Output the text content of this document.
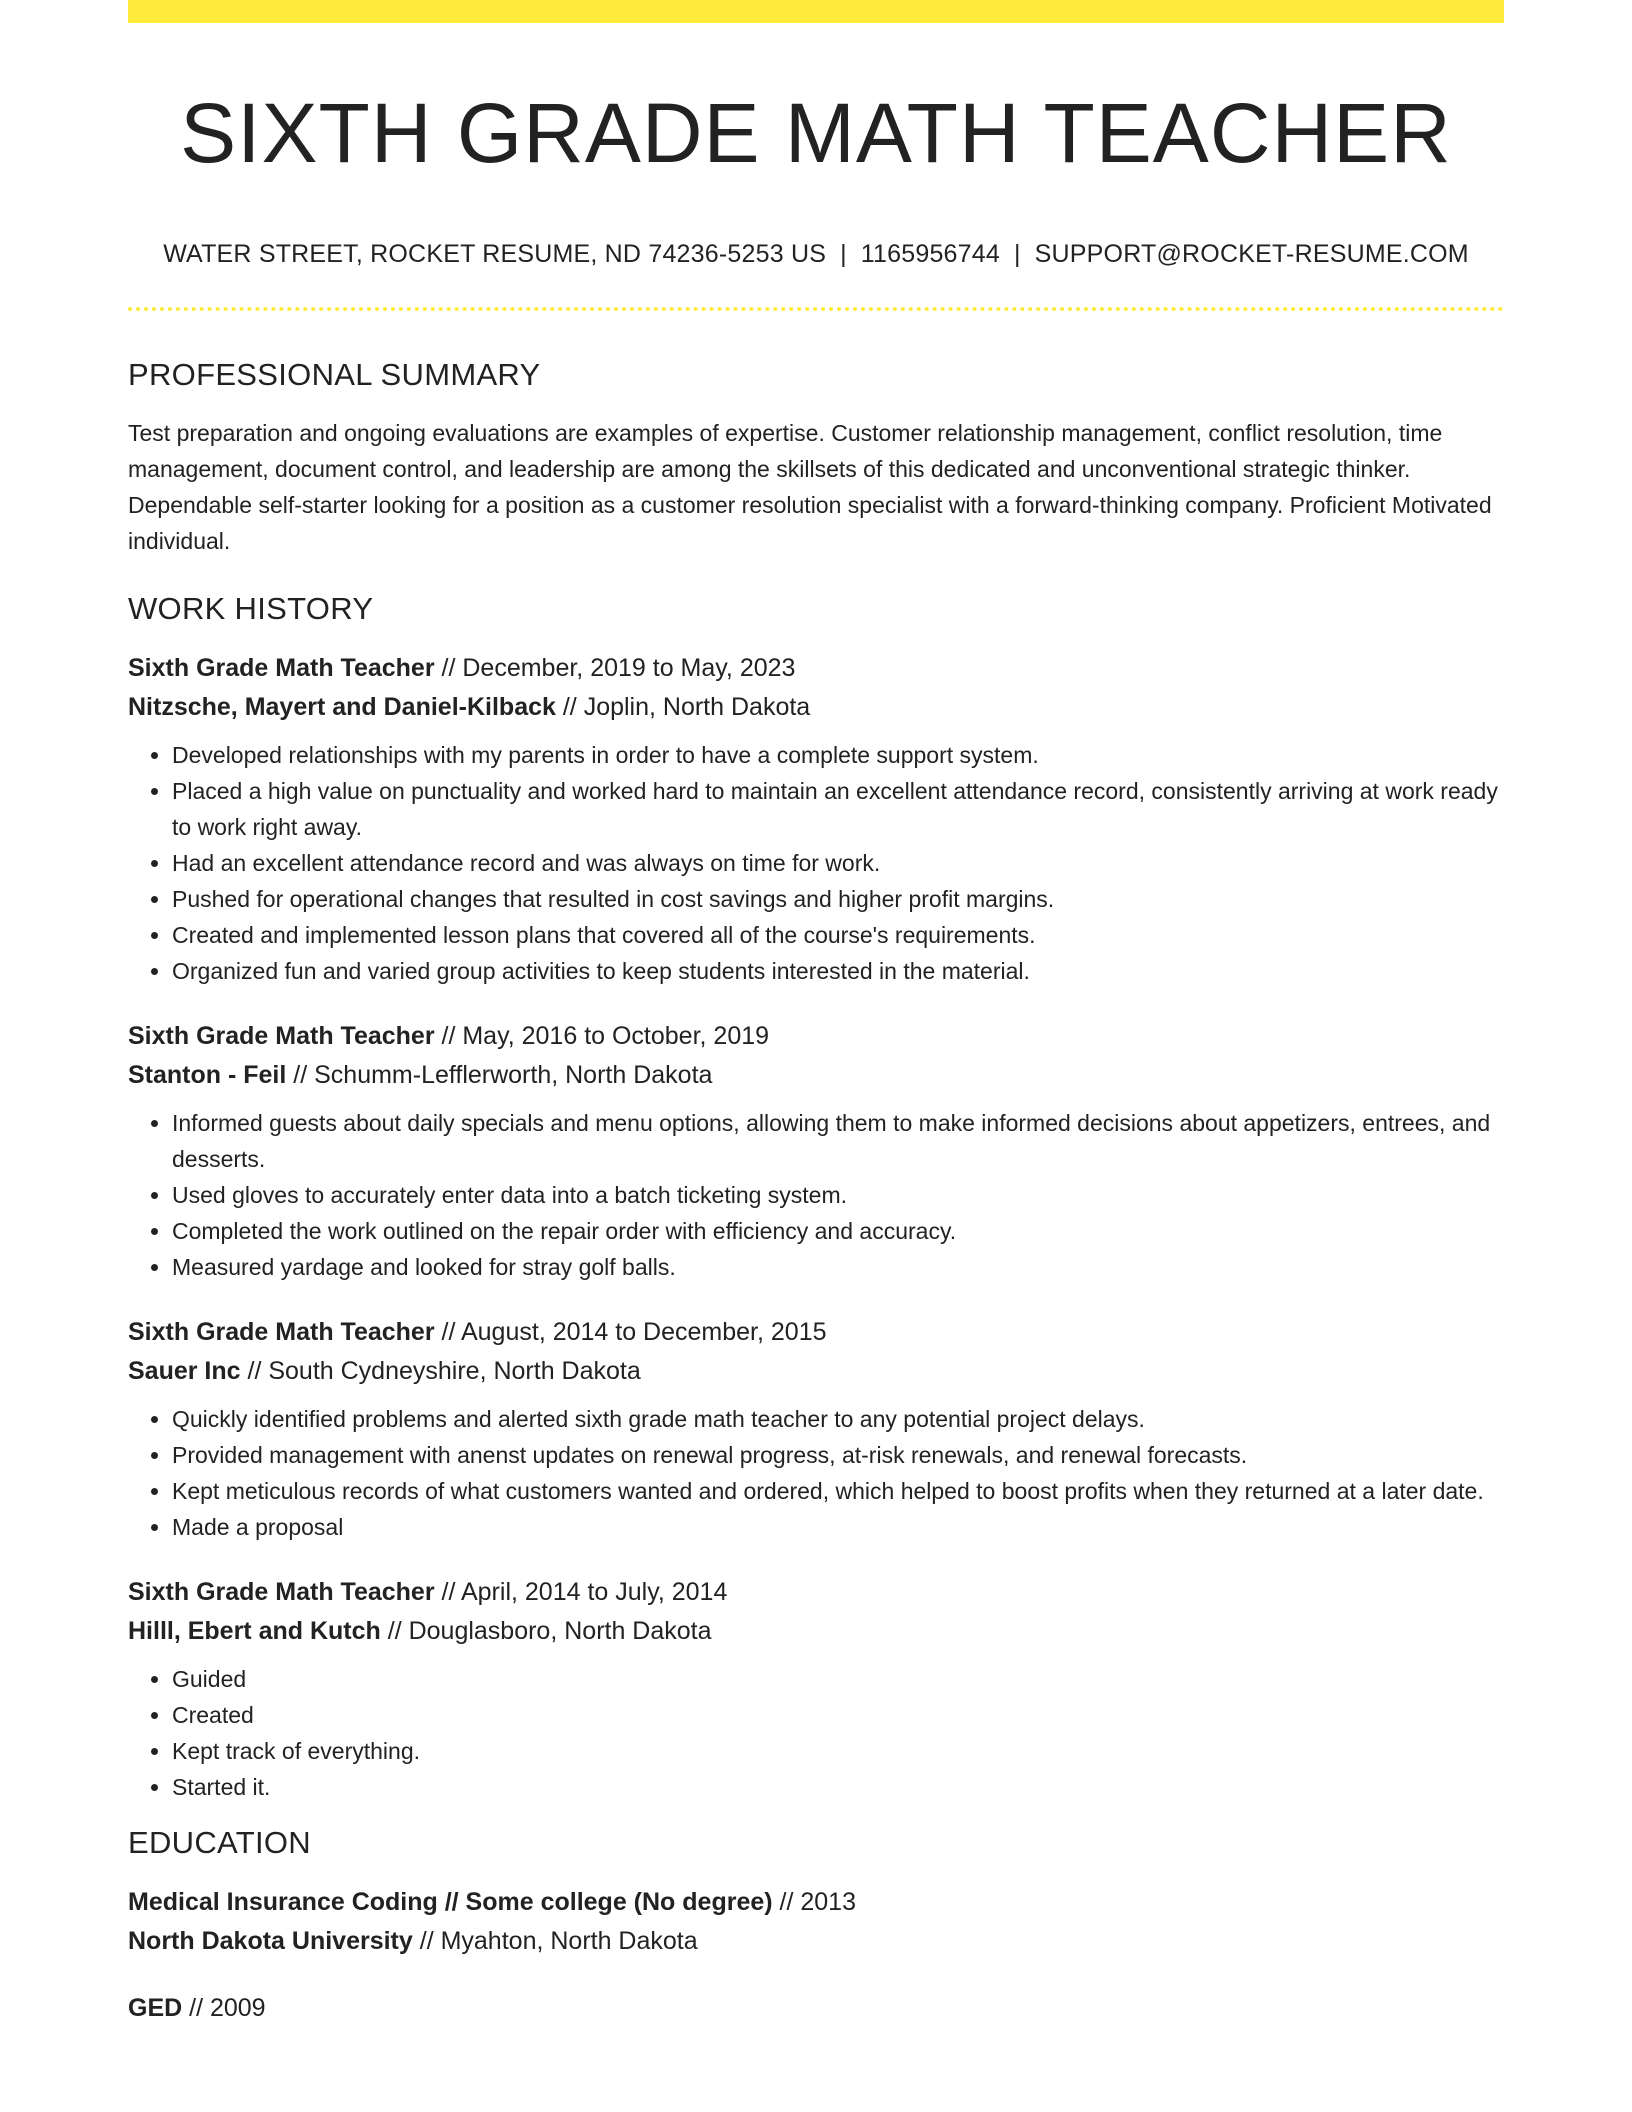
SIXTH GRADE MATH TEACHER
WATER STREET, ROCKET RESUME, ND 74236-5253 US | 1165956744 | SUPPORT@ROCKET-RESUME.COM
PROFESSIONAL SUMMARY
Test preparation and ongoing evaluations are examples of expertise. Customer relationship management, conflict resolution, time management, document control, and leadership are among the skillsets of this dedicated and unconventional strategic thinker. Dependable self-starter looking for a position as a customer resolution specialist with a forward-thinking company. Proficient Motivated individual.
WORK HISTORY
Sixth Grade Math Teacher // December, 2019 to May, 2023
Nitzsche, Mayert and Daniel-Kilback // Joplin, North Dakota
• Developed relationships with my parents in order to have a complete support system.
• Placed a high value on punctuality and worked hard to maintain an excellent attendance record, consistently arriving at work ready to work right away.
• Had an excellent attendance record and was always on time for work.
• Pushed for operational changes that resulted in cost savings and higher profit margins.
• Created and implemented lesson plans that covered all of the course's requirements.
• Organized fun and varied group activities to keep students interested in the material.
Sixth Grade Math Teacher // May, 2016 to October, 2019
Stanton - Feil // Schumm-Lefflerworth, North Dakota
• Informed guests about daily specials and menu options, allowing them to make informed decisions about appetizers, entrees, and desserts.
• Used gloves to accurately enter data into a batch ticketing system.
• Completed the work outlined on the repair order with efficiency and accuracy.
• Measured yardage and looked for stray golf balls.
Sixth Grade Math Teacher // August, 2014 to December, 2015
Sauer Inc // South Cydneyshire, North Dakota
• Quickly identified problems and alerted sixth grade math teacher to any potential project delays.
• Provided management with anenst updates on renewal progress, at-risk renewals, and renewal forecasts.
• Kept meticulous records of what customers wanted and ordered, which helped to boost profits when they returned at a later date.
• Made a proposal
Sixth Grade Math Teacher // April, 2014 to July, 2014
Hilll, Ebert and Kutch // Douglasboro, North Dakota
• Guided
• Created
• Kept track of everything.
• Started it.
EDUCATION
Medical Insurance Coding // Some college (No degree) // 2013
North Dakota University // Myahton, North Dakota
GED // 2009
